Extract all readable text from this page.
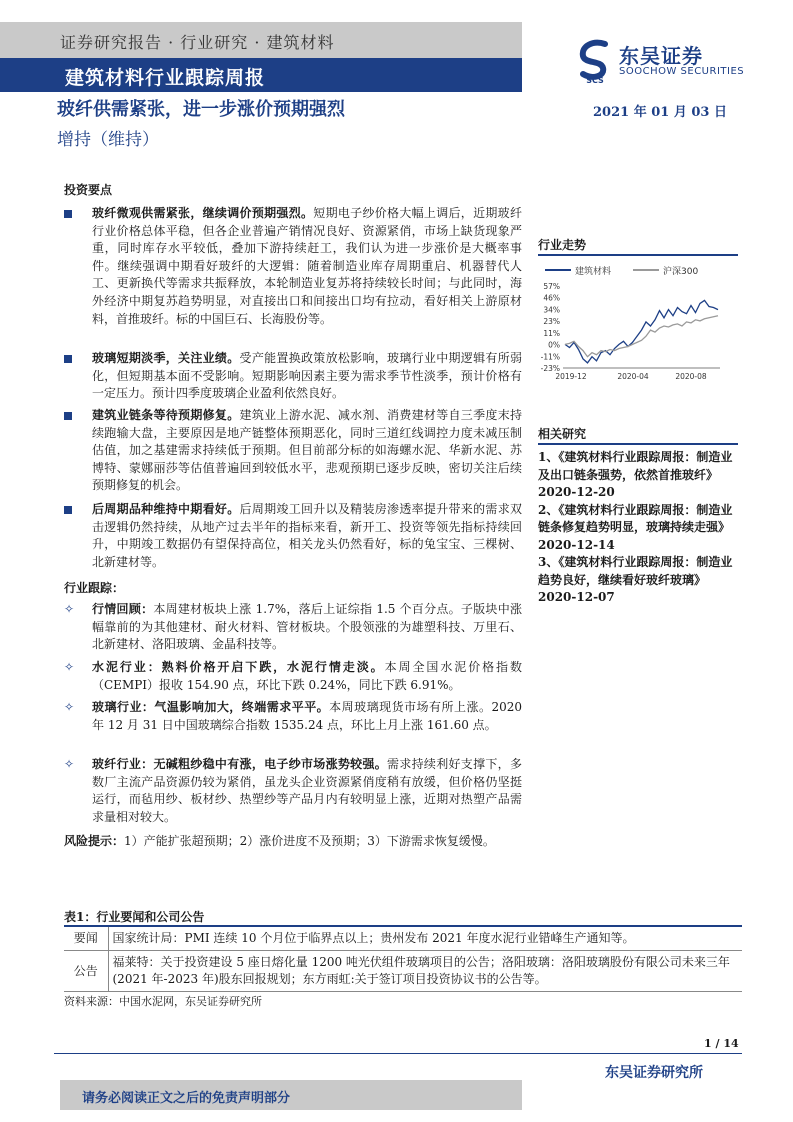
证券研究报告 · 行业研究 · 建筑材料
建筑材料行业跟踪周报	SCS
东吴证券
SOOCHOW SECURITIES
玻纤供需紧张，进一步涨价预期强烈	2021 年 01 月 03 日
增持（维持）
投资要点
玻纤微观供需紧张，继续调价预期强烈。短期电子纱价格大幅上调后，近期玻纤行业价格总体平稳，但各企业普遍产销情况良好、资源紧俏，市场上缺货现象严重，同时库存水平较低，叠加下游持续赶工，我们认为进一步涨价是大概率事件。继续强调中期看好玻纤的大逻辑：随着制造业库存周期重启、机器替代人工、更新换代等需求共振释放，本轮制造业复苏将持续较长时间；与此同时，海外经济中期复苏趋势明显，对直接出口和间接出口均有拉动，看好相关上游原材料，首推玻纤。标的中国巨石、长海股份等。
玻璃短期淡季，关注业绩。受产能置换政策放松影响，玻璃行业中期逻辑有所弱化，但短期基本面不受影响。短期影响因素主要为需求季节性淡季，预计价格有一定压力。预计四季度玻璃企业盈利依然良好。
建筑业链条等待预期修复。建筑业上游水泥、减水剂、消费建材等自三季度末持续跑输大盘，主要原因是地产链整体预期恶化，同时三道红线调控力度未减压制估值，加之基建需求持续低于预期。但目前部分标的如海螺水泥、华新水泥、苏博特、蒙娜丽莎等估值普遍回到较低水平，悲观预期已逐步反映，密切关注后续预期修复的机会。
后周期品种维持中期看好。后周期竣工回升以及精装房渗透率提升带来的需求双击逻辑仍然持续，从地产过去半年的指标来看，新开工、投资等领先指标持续回升，中期竣工数据仍有望保持高位，相关龙头仍然看好，标的兔宝宝、三棵树、北新建材等。
行业跟踪：
✧	行情回顾：本周建材板块上涨 1.7%，落后上证综指 1.5 个百分点。子版块中涨幅靠前的为其他建材、耐火材料、管材板块。个股领涨的为雄塑科技、万里石、北新建材、洛阳玻璃、金晶科技等。
✧	水泥行业：熟料价格开启下跌，水泥行情走淡。本周全国水泥价格指数（CEMPI）报收 154.90 点，环比下跌 0.24%，同比下跌 6.91%。
✧	玻璃行业：气温影响加大，终端需求平平。本周玻璃现货市场有所上涨。2020 年 12 月 31 日中国玻璃综合指数 1535.24 点，环比上月上涨 161.60 点。
✧	玻纤行业：无碱粗纱稳中有涨，电子纱市场涨势较强。需求持续利好支撑下，多数厂主流产品资源仍较为紧俏，虽龙头企业资源紧俏度稍有放缓，但价格仍坚挺运行，而毡用纱、板材纱、热塑纱等产品月内有较明显上涨，近期对热塑产品需求量相对较大。
风险提示：1）产能扩张超预期；2）涨价进度不及预期；3）下游需求恢复缓慢。
行业走势
建筑材料	沪深300
57%
46%
34%
23%
11%
0%
-11%
-23%
2019-12	2020-04	2020-08
相关研究
1、《建筑材料行业跟踪周报：制造业及出口链条强势，依然首推玻纤》2020-12-20
2、《建筑材料行业跟踪周报：制造业链条修复趋势明显，玻璃持续走强》2020-12-14
3、《建筑材料行业跟踪周报：制造业趋势良好，继续看好玻纤玻璃》2020-12-07
表1：行业要闻和公司公告
要闻	国家统计局：PMI 连续 10 个月位于临界点以上；贵州发布 2021 年度水泥行业错峰生产通知等。
公告	福莱特：关于投资建设 5 座日熔化量 1200 吨光伏组件玻璃项目的公告；洛阳玻璃：洛阳玻璃股份有限公司未来三年(2021 年-2023 年)股东回报规划；东方雨虹:关于签订项目投资协议书的公告等。
资料来源：中国水泥网，东吴证券研究所
1 / 14
东吴证券研究所
请务必阅读正文之后的免责声明部分
